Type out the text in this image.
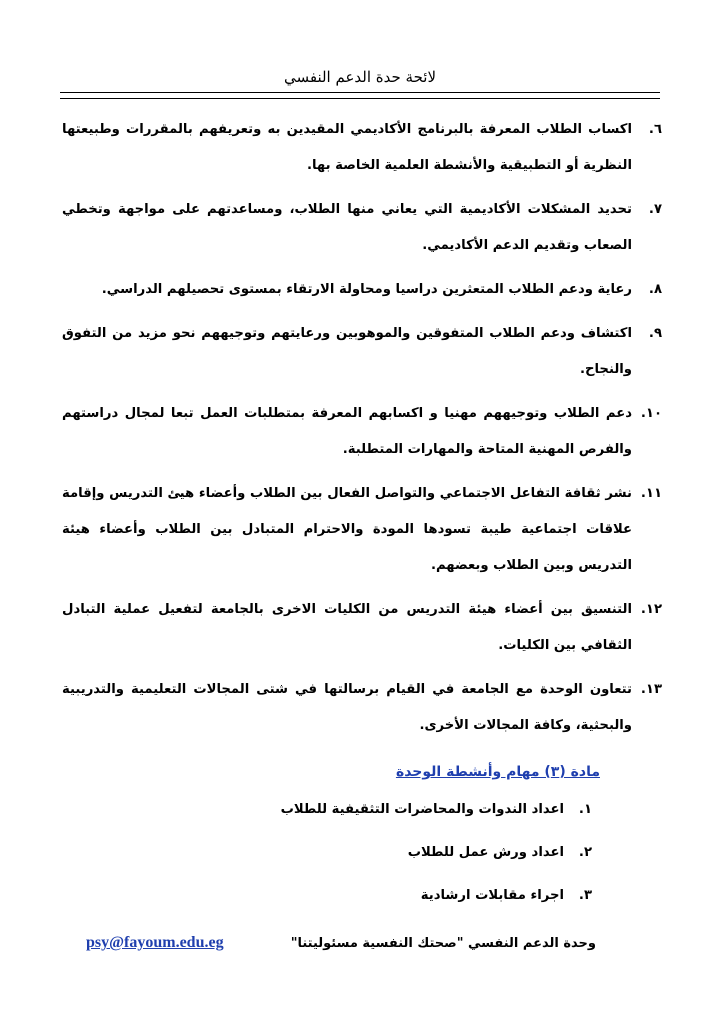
لائحة حدة الدعم النفسي
٦.
اكساب الطلاب المعرفة بالبرنامج الأكاديمي المقيدين به وتعريفهم بالمقررات وطبيعتها النظرية أو التطبيقية والأنشطة العلمية الخاصة بها.
٧.
تحديد المشكلات الأكاديمية التي يعاني منها الطلاب، ومساعدتهم على مواجهة وتخطي الصعاب وتقديم الدعم الأكاديمي.
٨.
رعاية ودعم الطلاب المتعثرين دراسيا ومحاولة الارتقاء بمستوى تحصيلهم الدراسي.
٩.
اكتشاف ودعم الطلاب المتفوقين والموهوبين ورعايتهم وتوجيههم نحو مزيد من التفوق والنجاح.
١٠.
دعم الطلاب وتوجيههم مهنيا و اكسابهم المعرفة بمتطلبات العمل تبعا لمجال دراستهم والفرص المهنية المتاحة والمهارات المتطلبة.
١١.
نشر ثقافة التفاعل الاجتماعي والتواصل الفعال بين الطلاب وأعضاء هيئ التدريس وإقامة علاقات اجتماعية طيبة تسودها المودة والاحترام المتبادل بين الطلاب وأعضاء هيئة التدريس وبين الطلاب وبعضهم.
١٢.
التنسيق بين أعضاء هيئة التدريس من الكليات الاخرى بالجامعة لتفعيل عملية التبادل الثقافي بين الكليات.
١٣.
تتعاون الوحدة مع الجامعة في القيام برسالتها في شتى المجالات التعليمية والتدريبية والبحثية، وكافة المجالات الأخرى.
مادة (٣) مهام وأنشطة الوحدة
١.
اعداد الندوات والمحاضرات التثقيفية للطلاب
٢.
اعداد ورش عمل للطلاب
٣.
اجراء مقابلات ارشادية
وحدة الدعم النفسي "صحتك النفسية مسئوليتنا"
psy@fayoum.edu.eg
